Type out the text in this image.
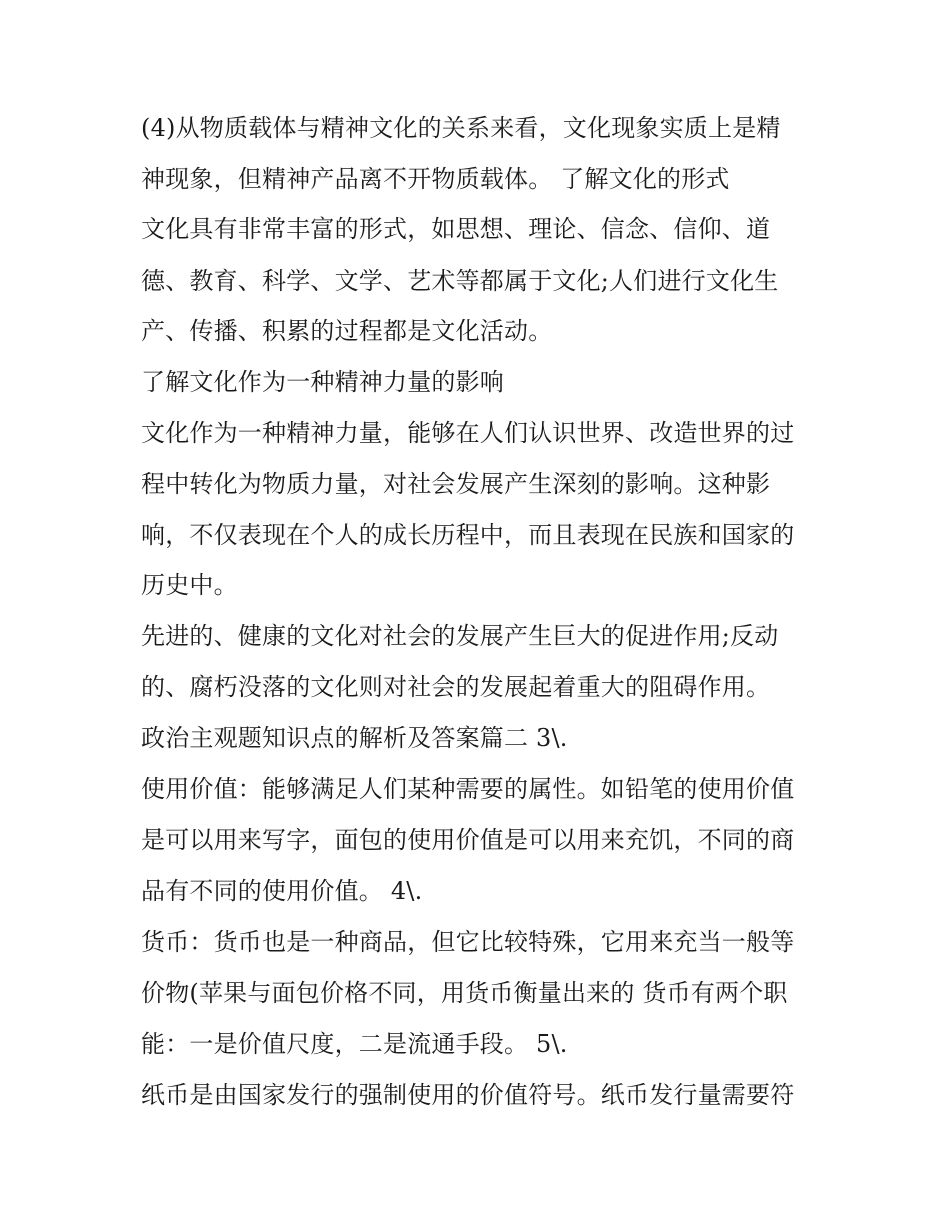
(4)从物质载体与精神文化的关系来看，文化现象实质上是精
神现象，但精神产品离不开物质载体。 了解文化的形式
文化具有非常丰富的形式，如思想、理论、信念、信仰、道
德、教育、科学、文学、艺术等都属于文化;人们进行文化生
产、传播、积累的过程都是文化活动。
了解文化作为一种精神力量的影响
文化作为一种精神力量，能够在人们认识世界、改造世界的过
程中转化为物质力量，对社会发展产生深刻的影响。这种影
响，不仅表现在个人的成长历程中，而且表现在民族和国家的
历史中。
先进的、健康的文化对社会的发展产生巨大的促进作用;反动
的、腐朽没落的文化则对社会的发展起着重大的阻碍作用。
政治主观题知识点的解析及答案篇二 3\.
使用价值：能够满足人们某种需要的属性。如铅笔的使用价值
是可以用来写字，面包的使用价值是可以用来充饥，不同的商
品有不同的使用价值。 4\.
货币：货币也是一种商品，但它比较特殊，它用来充当一般等
价物(苹果与面包价格不同，用货币衡量出来的 货币有两个职
能：一是价值尺度，二是流通手段。 5\.
纸币是由国家发行的强制使用的价值符号。纸币发行量需要符
